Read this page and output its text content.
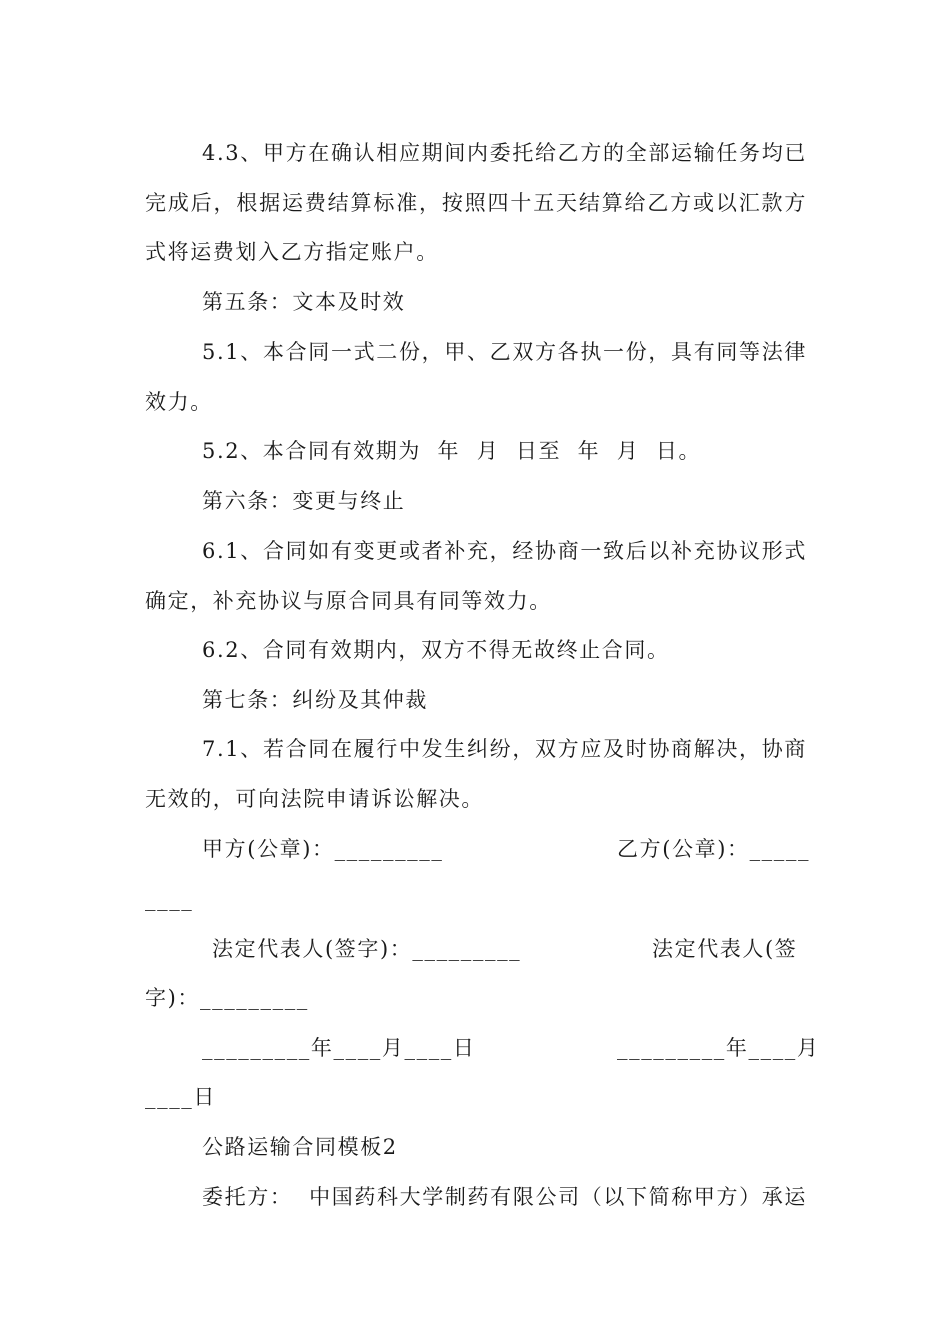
4.3、甲方在确认相应期间内委托给乙方的全部运输任务均已
完成后，根据运费结算标准，按照四十五天结算给乙方或以汇款方
式将运费划入乙方指定账户。
第五条：文本及时效
5.1、本合同一式二份，甲、乙双方各执一份，具有同等法律
效力。
5.2、本合同有效期为  年  月  日至  年  月  日。
第六条：变更与终止
6.1、合同如有变更或者补充，经协商一致后以补充协议形式
确定，补充协议与原合同具有同等效力。
6.2、合同有效期内，双方不得无故终止合同。
第七条：纠纷及其仲裁
7.1、若合同在履行中发生纠纷，双方应及时协商解决，协商
无效的，可向法院申请诉讼解决。
甲方(公章)：_________	乙方(公章)：_____
____
法定代表人(签字)：_________	法定代表人(签
字)：_________
_________年____月____日	_________年____月
____日
公路运输合同模板2
委托方：  中国药科大学制药有限公司（以下简称甲方）承运
